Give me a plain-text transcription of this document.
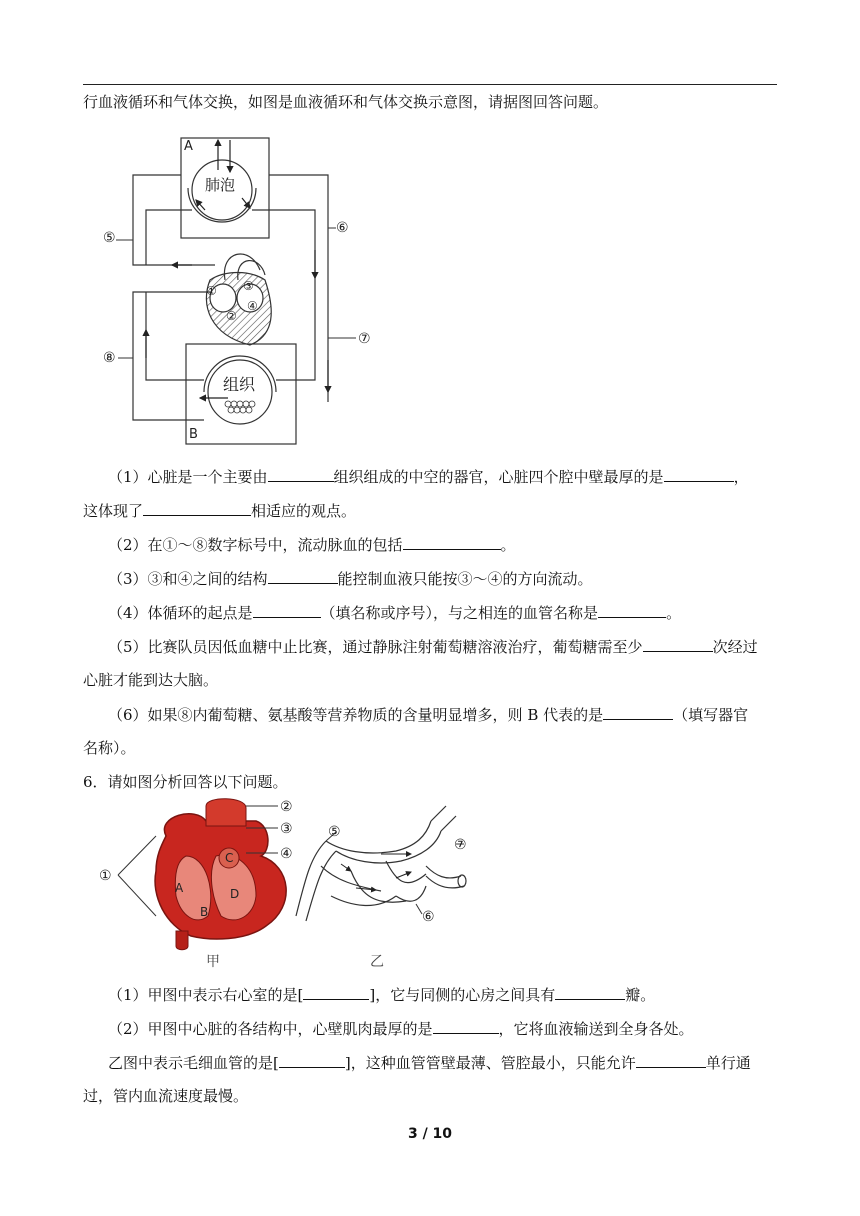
行血液循环和气体交换，如图是血液循环和气体交换示意图，请据图回答问题。
A
B
肺泡
组织
①
②
③
④
⑤
⑥
⑦
⑧
（1）心脏是一个主要由	组织组成的中空的器官，心脏四个腔中壁最厚的是	，
这体现了	相适应的观点。
（2）在①～⑧数字标号中，流动脉血的包括	。
（3）③和④之间的结构	能控制血液只能按③～④的方向流动。
（4）体循环的起点是	（填名称或序号），与之相连的血管名称是	。
（5）比赛队员因低血糖中止比赛，通过静脉注射葡萄糖溶液治疗，葡萄糖需至少	次经过
心脏才能到达大脑。
（6）如果⑧内葡萄糖、氨基酸等营养物质的含量明显增多，则 B 代表的是	（填写器官
名称）。
6．请如图分析回答以下问题。
A
B
C
D
②
③
④
①
⑤
⑦
⑥
甲	乙
（1）甲图中表示右心室的是[	]，它与同侧的心房之间具有	瓣。
（2）甲图中心脏的各结构中，心壁肌肉最厚的是	，它将血液输送到全身各处。
乙图中表示毛细血管的是[	]，这种血管管壁最薄、管腔最小，只能允许	单行通
过，管内血流速度最慢。
3 / 10
